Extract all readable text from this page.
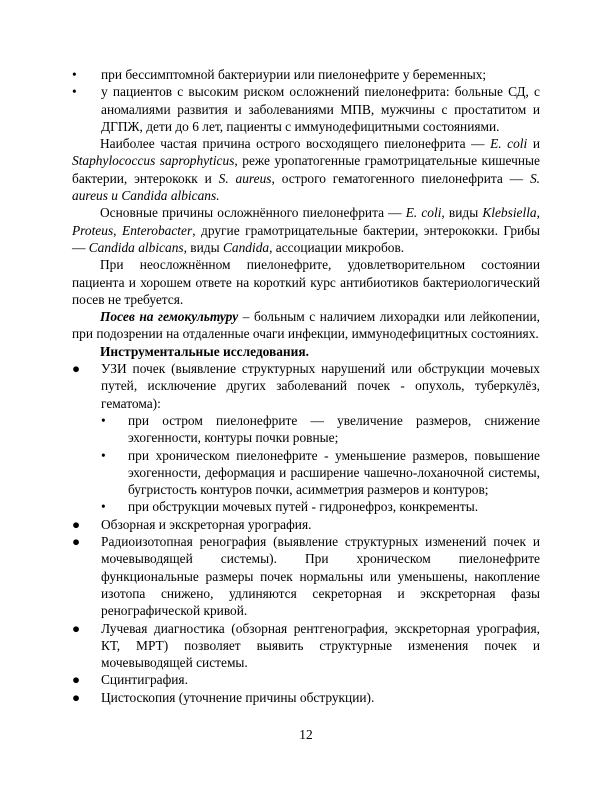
• при бессимптомной бактериурии или пиелонефрите у беременных;
• у пациентов с высоким риском осложнений пиелонефрита: больные СД, с аномалиями развития и заболеваниями МПВ, мужчины с простатитом и ДГПЖ, дети до 6 лет, пациенты с иммунодефицитными состояниями.

Наиболее частая причина острого восходящего пиелонефрита — E. coli и Staphylococcus saprophyticus, реже уропатогенные грамотрицательные кишечные бактерии, энтерококк и S. aureus, острого гематогенного пиелонефрита — S. aureus и Candida albicans.

Основные причины осложнённого пиелонефрита — E. coli, виды Klebsiella, Proteus, Enterobacter, другие грамотрицательные бактерии, энтерококки. Грибы — Candida albicans, виды Candida, ассоциации микробов.

При неосложнённом пиелонефрите, удовлетворительном состоянии пациента и хорошем ответе на короткий курс антибиотиков бактериологический посев не требуется.

Посев на гемокультуру – больным с наличием лихорадки или лейкопении, при подозрении на отдаленные очаги инфекции, иммунодефицитных состояниях.

Инструментальные исследования.

● УЗИ почек (выявление структурных нарушений или обструкции мочевых путей, исключение других заболеваний почек - опухоль, туберкулёз, гематома):
• при остром пиелонефрите — увеличение размеров, снижение эхогенности, контуры почки ровные;
• при хроническом пиелонефрите - уменьшение размеров, повышение эхогенности, деформация и расширение чашечно-лоханочной системы, бугристость контуров почки, асимметрия размеров и контуров;
• при обструкции мочевых путей - гидронефроз, конкременты.
● Обзорная и экскреторная урография.
● Радиоизотопная ренография (выявление структурных изменений почек и мочевыводящей системы). При хроническом пиелонефрите функциональные размеры почек нормальны или уменьшены, накопление изотопа снижено, удлиняются секреторная и экскреторная фазы ренографической кривой.
● Лучевая диагностика (обзорная рентгенография, экскреторная урография, КТ, МРТ) позволяет выявить структурные изменения почек и мочевыводящей системы.
● Сцинтиграфия.
● Цистоскопия (уточнение причины обструкции).
12
